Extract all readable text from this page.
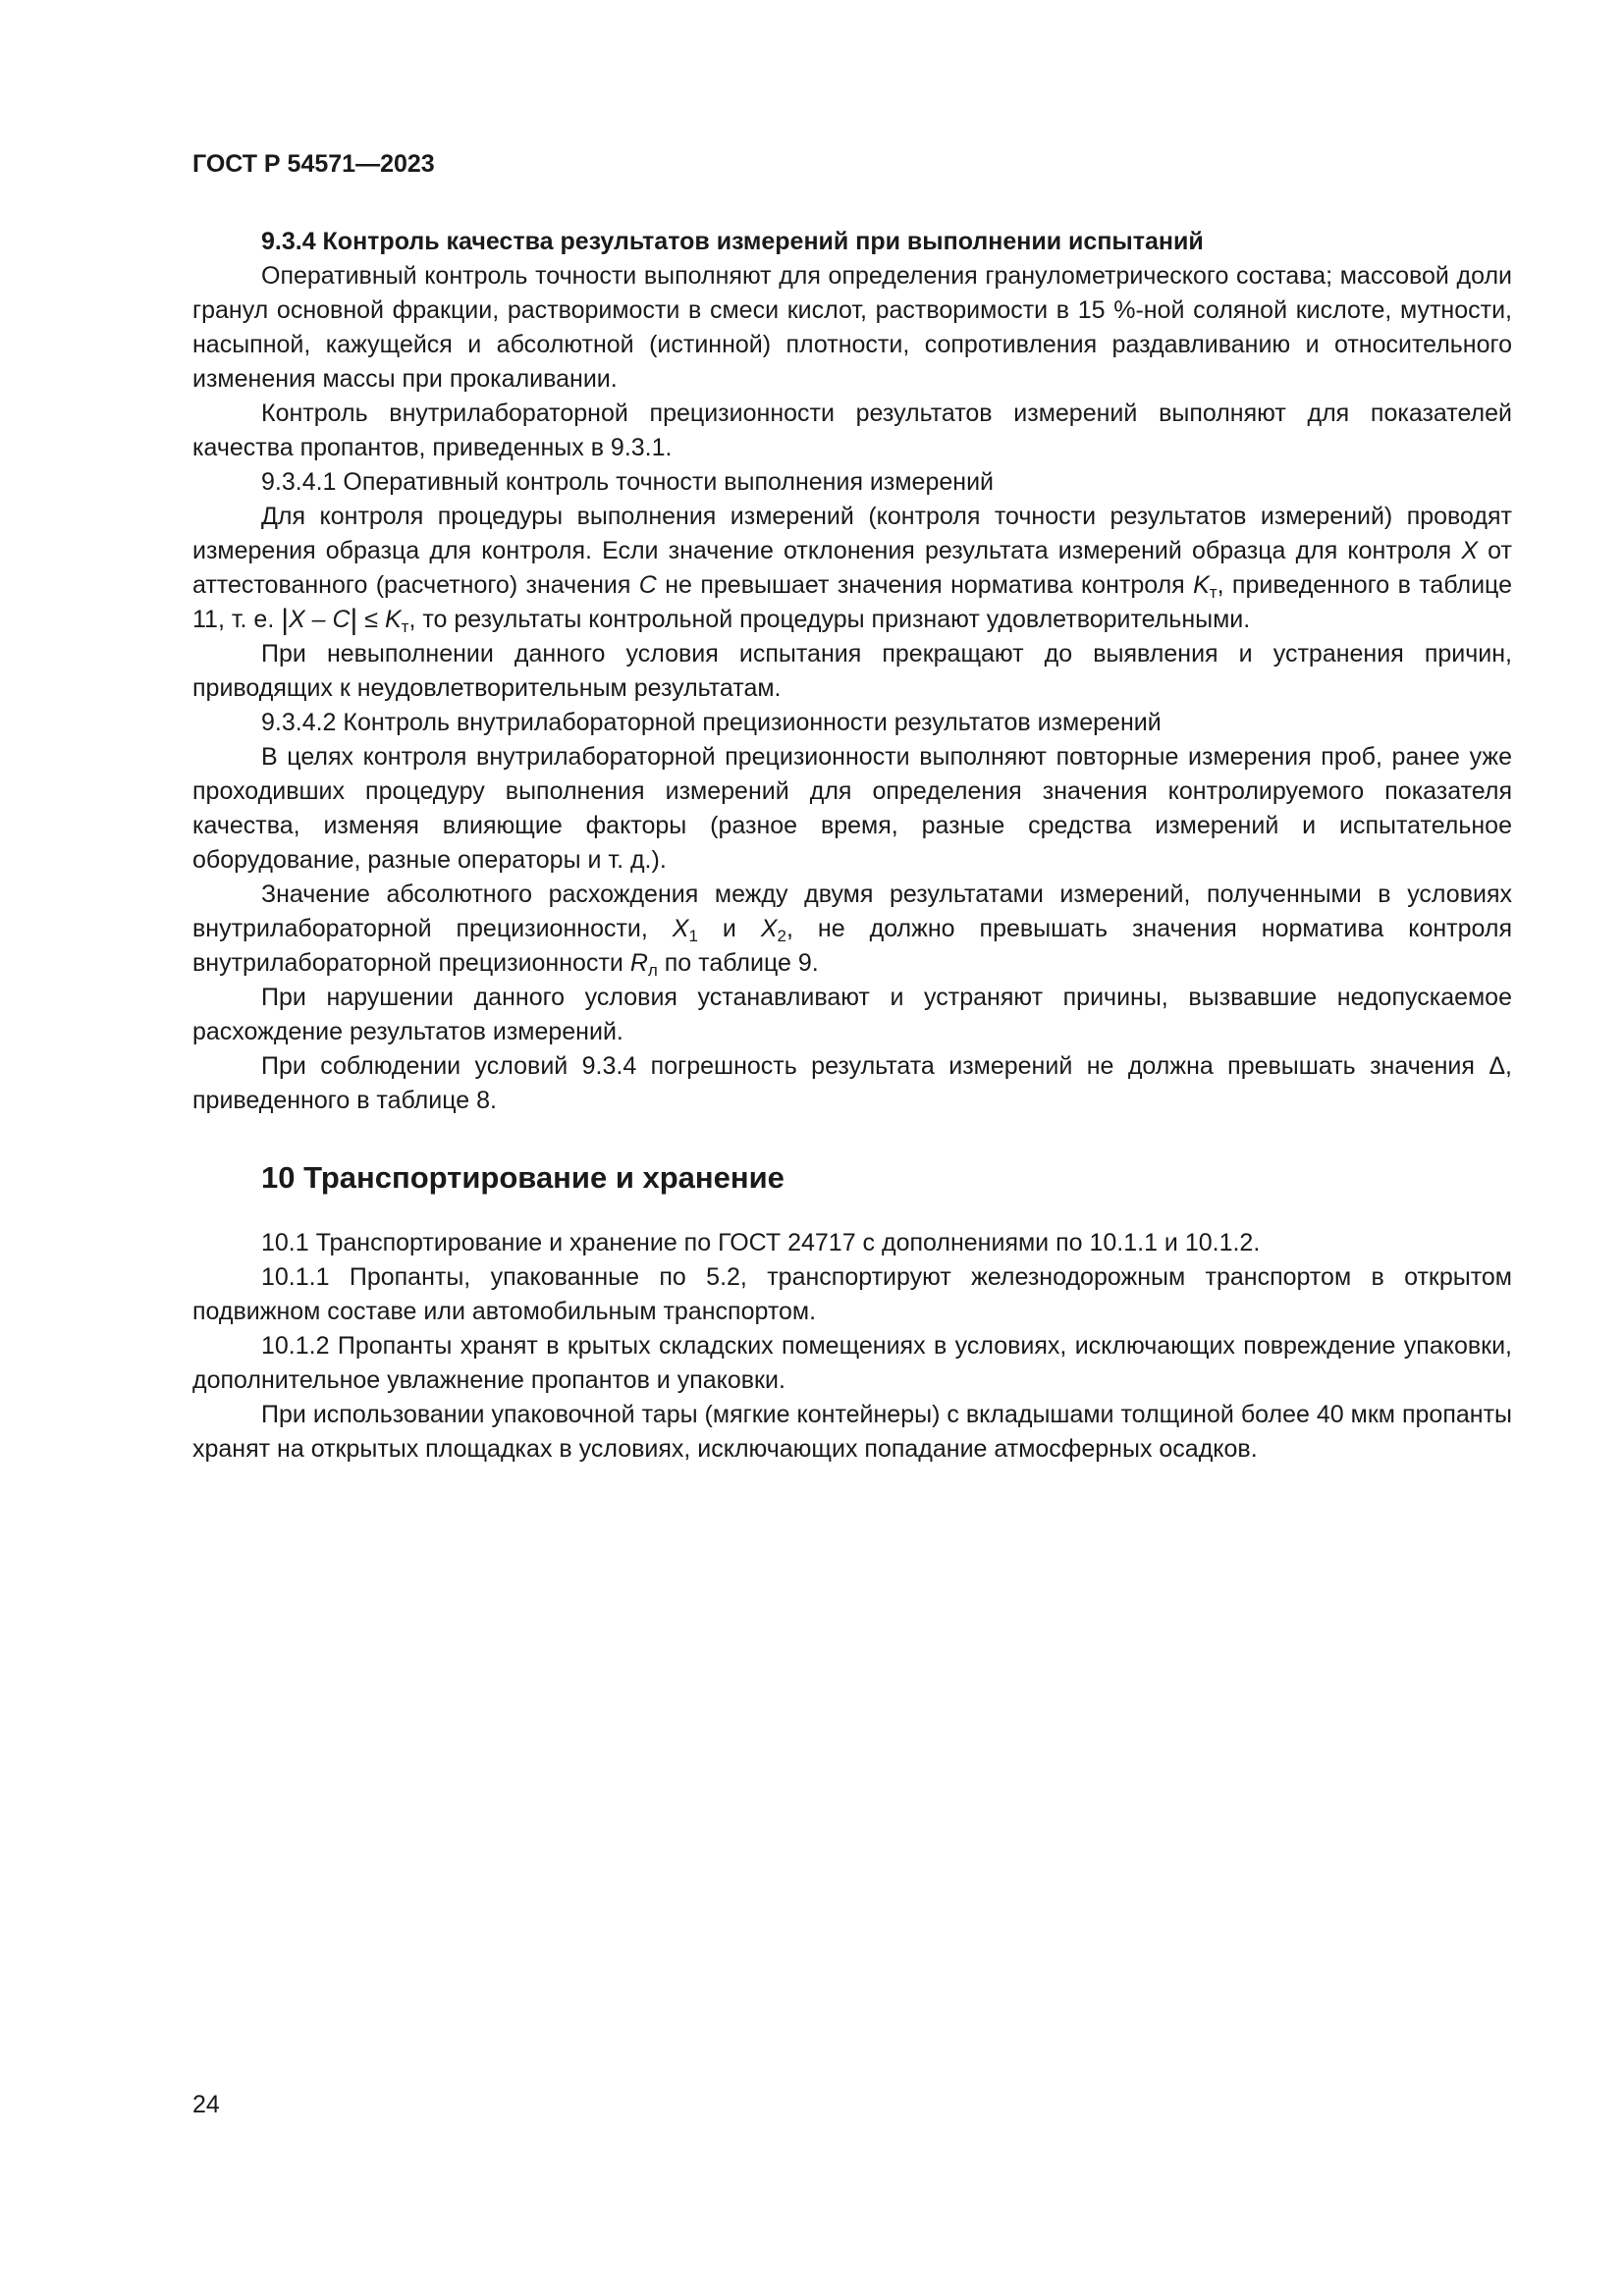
ГОСТ Р 54571—2023

9.3.4 Контроль качества результатов измерений при выполнении испытаний

Оперативный контроль точности выполняют для определения гранулометрического состава; массовой доли гранул основной фракции, растворимости в смеси кислот, растворимости в 15 %-ной соляной кислоте, мутности, насыпной, кажущейся и абсолютной (истинной) плотности, сопротивления раздавливанию и относительного изменения массы при прокаливании.

Контроль внутрилабораторной прецизионности результатов измерений выполняют для показателей качества пропантов, приведенных в 9.3.1.

9.3.4.1 Оперативный контроль точности выполнения измерений

Для контроля процедуры выполнения измерений (контроля точности результатов измерений) проводят измерения образца для контроля. Если значение отклонения результата измерений образца для контроля X от аттестованного (расчетного) значения C не превышает значения норматива контроля $K_т$, приведенного в таблице 11, т. е. $|X - C| \le K_т$, то результаты контрольной процедуры признают удовлетворительными.

При невыполнении данного условия испытания прекращают до выявления и устранения причин, приводящих к неудовлетворительным результатам.

9.3.4.2 Контроль внутрилабораторной прецизионности результатов измерений

В целях контроля внутрилабораторной прецизионности выполняют повторные измерения проб, ранее уже проходивших процедуру выполнения измерений для определения значения контролируемого показателя качества, изменяя влияющие факторы (разное время, разные средства измерений и испытательное оборудование, разные операторы и т. д.).

Значение абсолютного расхождения между двумя результатами измерений, полученными в условиях внутрилабораторной прецизионности, $X_1$ и $X_2$, не должно превышать значения норматива контроля внутрилабораторной прецизионности $R_л$ по таблице 9.

При нарушении данного условия устанавливают и устраняют причины, вызвавшие недопускаемое расхождение результатов измерений.

При соблюдении условий 9.3.4 погрешность результата измерений не должна превышать значения Δ, приведенного в таблице 8.

10 Транспортирование и хранение

10.1 Транспортирование и хранение по ГОСТ 24717 с дополнениями по 10.1.1 и 10.1.2.

10.1.1 Пропанты, упакованные по 5.2, транспортируют железнодорожным транспортом в открытом подвижном составе или автомобильным транспортом.

10.1.2 Пропанты хранят в крытых складских помещениях в условиях, исключающих повреждение упаковки, дополнительное увлажнение пропантов и упаковки.

При использовании упаковочной тары (мягкие контейнеры) с вкладышами толщиной более 40 мкм пропанты хранят на открытых площадках в условиях, исключающих попадание атмосферных осадков.

24
